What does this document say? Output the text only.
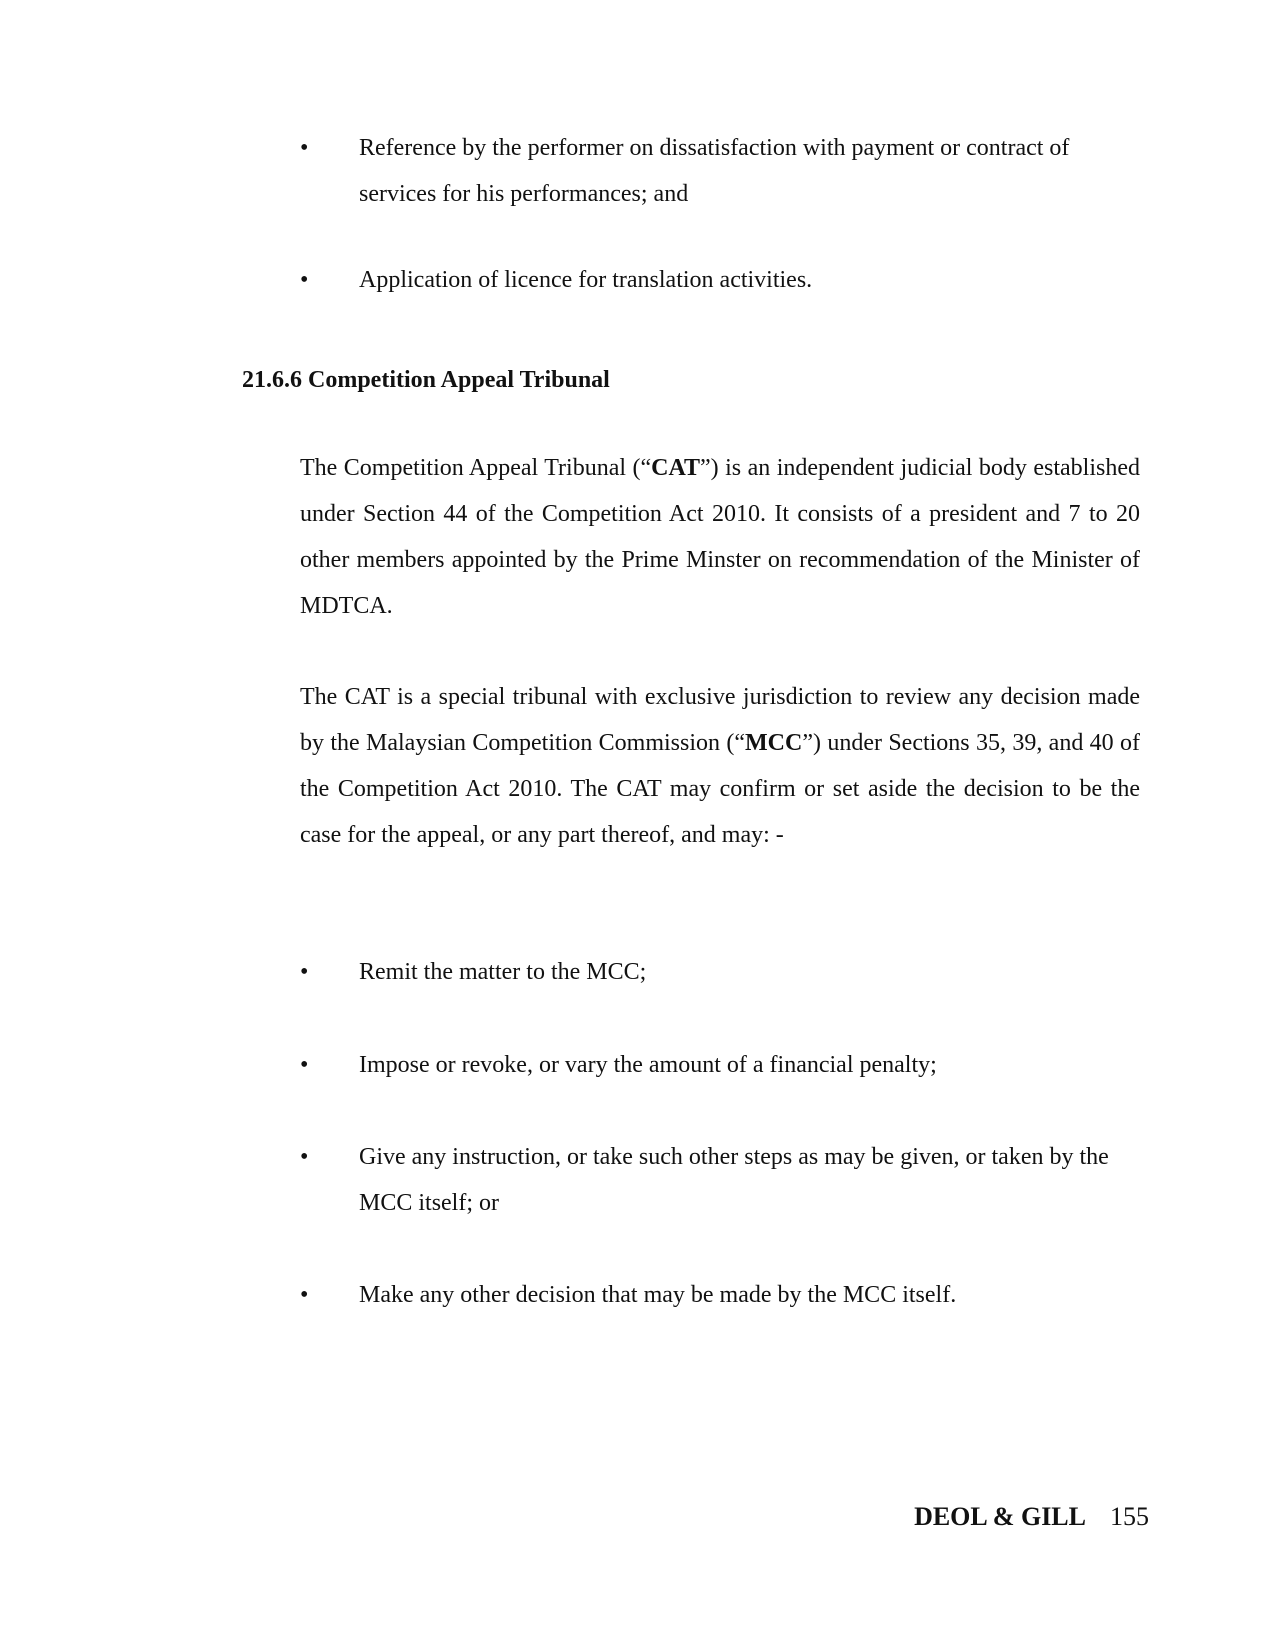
•	Reference by the performer on dissatisfaction with payment or contract of services for his performances; and
•	Application of licence for translation activities.
21.6.6 Competition Appeal Tribunal

The Competition Appeal Tribunal (“CAT”) is an independent judicial body established under Section 44 of the Competition Act 2010. It consists of a president and 7 to 20 other members appointed by the Prime Minster on recommendation of the Minister of MDTCA.

The CAT is a special tribunal with exclusive jurisdiction to review any decision made by the Malaysian Competition Commission (“MCC”) under Sections 35, 39, and 40 of the Competition Act 2010. The CAT may confirm or set aside the decision to be the case for the appeal, or any part thereof, and may: -

•	Remit the matter to the MCC;
•	Impose or revoke, or vary the amount of a financial penalty;
•	Give any instruction, or take such other steps as may be given, or taken by the MCC itself; or
•	Make any other decision that may be made by the MCC itself.
DEOL & GILL 155
